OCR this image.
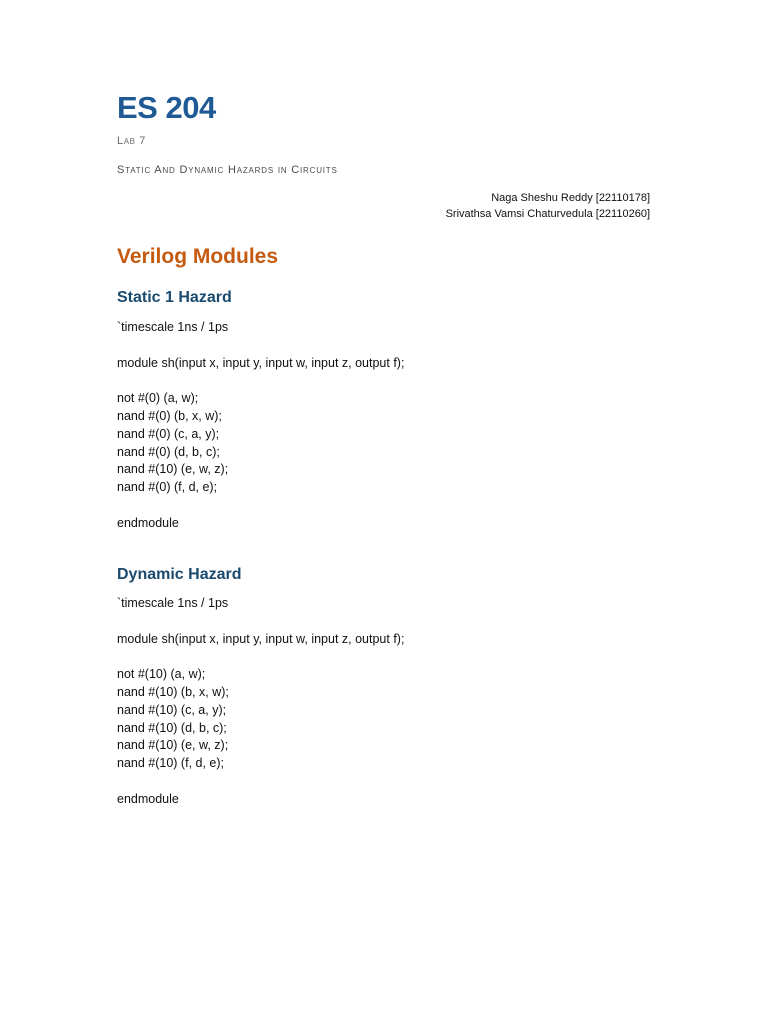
ES 204
Lab 7
Static And Dynamic Hazards in Circuits
Naga Sheshu Reddy [22110178]
Srivathsa Vamsi Chaturvedula [22110260]
Verilog Modules
Static 1 Hazard
`timescale 1ns / 1ps
module sh(input x, input y, input w, input z, output f);
not #(0) (a, w);
nand #(0) (b, x, w);
nand #(0) (c, a, y);
nand #(0) (d, b, c);
nand #(10) (e, w, z);
nand #(0) (f, d, e);
endmodule
Dynamic Hazard
`timescale 1ns / 1ps
module sh(input x, input y, input w, input z, output f);
not #(10) (a, w);
nand #(10) (b, x, w);
nand #(10) (c, a, y);
nand #(10) (d, b, c);
nand #(10) (e, w, z);
nand #(10) (f, d, e);
endmodule
